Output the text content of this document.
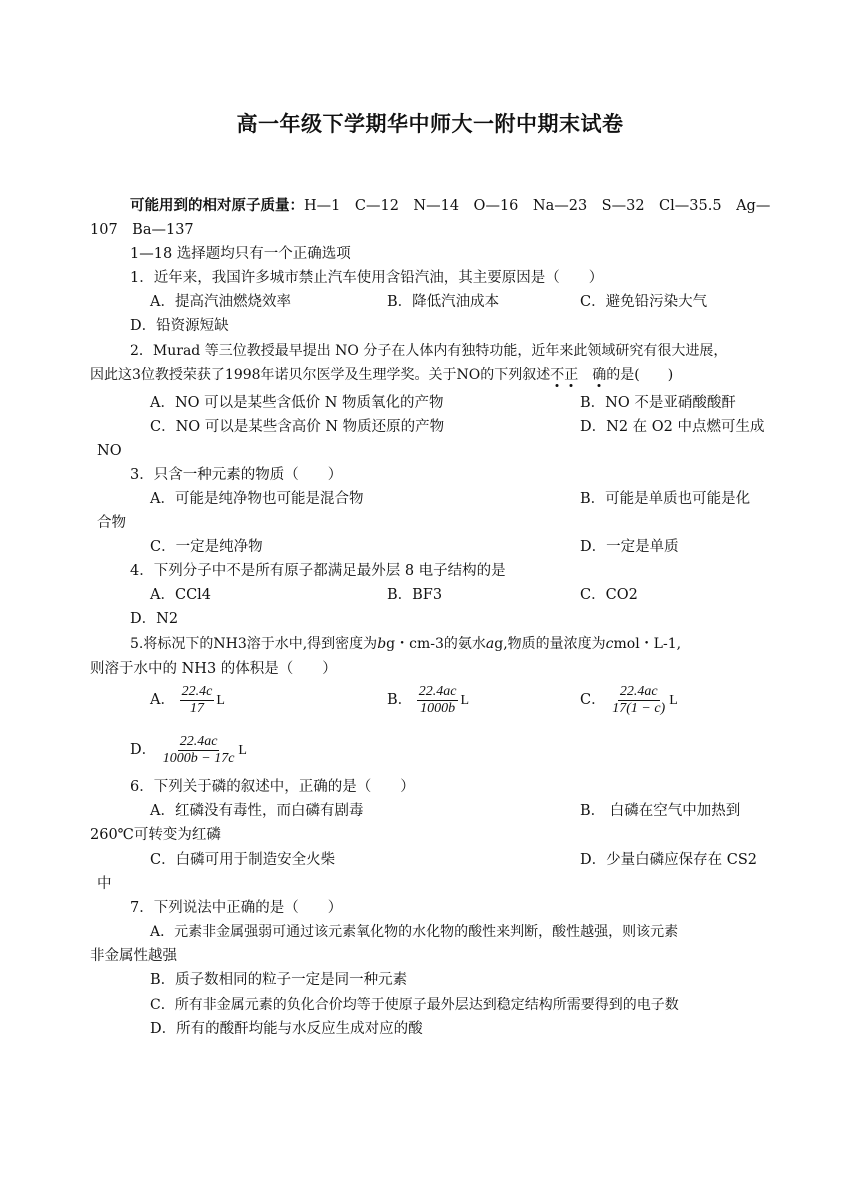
高一年级下学期华中师大一附中期末试卷
可能用到的相对原子质量：H—1　C—12　N—14　O—16　Na—23　S—32　Cl—35.5　Ag—
107　Ba—137
1—18 选择题均只有一个正确选项
1．近年来，我国许多城市禁止汽车使用含铅汽油，其主要原因是（　　）
A．提高汽油燃烧效率	B．降低汽油成本	C．避免铅污染大气
D．铅资源短缺
2．Murad 等三位教授最早提出 NO 分子在人体内有独特功能，近年来此领域研究有很大进展，
因此这3位教授荣获了1998年诺贝尔医学及生理学奖。关于NO的下列叙述不正　 确的是(　　)
A．NO 可以是某些含低价 N 物质氧化的产物	B．NO 不是亚硝酸酸酐
C．NO 可以是某些含高价 N 物质还原的产物	D．N2 在 O2 中点燃可生成
NO
3．只含一种元素的物质（　　）
A．可能是纯净物也可能是混合物	B．可能是单质也可能是化
合物
C．一定是纯净物	D．一定是单质
4．下列分子中不是所有原子都满足最外层 8 电子结构的是
A．CCl4	B．BF3	C．CO2
D．N2
5.将标况下的NH3溶于水中,得到密度为bg・cm-3的氨水ag,物质的量浓度为cmol・L-1,
则溶于水中的 NH3 的体积是（　　）
A． $\frac{22.4c}{17}$ L	B． $\frac{22.4ac}{1000b}$ L	C． $\frac{22.4ac}{17(1 - c)}$ L
D． $\frac{22.4ac}{1000b - 17c}$ L
6．下列关于磷的叙述中，正确的是（　　）
A．红磷没有毒性，而白磷有剧毒	B． 白磷在空气中加热到
260℃可转变为红磷
C．白磷可用于制造安全火柴	D．少量白磷应保存在 CS2
中
7．下列说法中正确的是（　　）
A．元素非金属强弱可通过该元素氧化物的水化物的酸性来判断，酸性越强，则该元素
非金属性越强
B．质子数相同的粒子一定是同一种元素
C．所有非金属元素的负化合价均等于使原子最外层达到稳定结构所需要得到的电子数
D．所有的酸酐均能与水反应生成对应的酸
